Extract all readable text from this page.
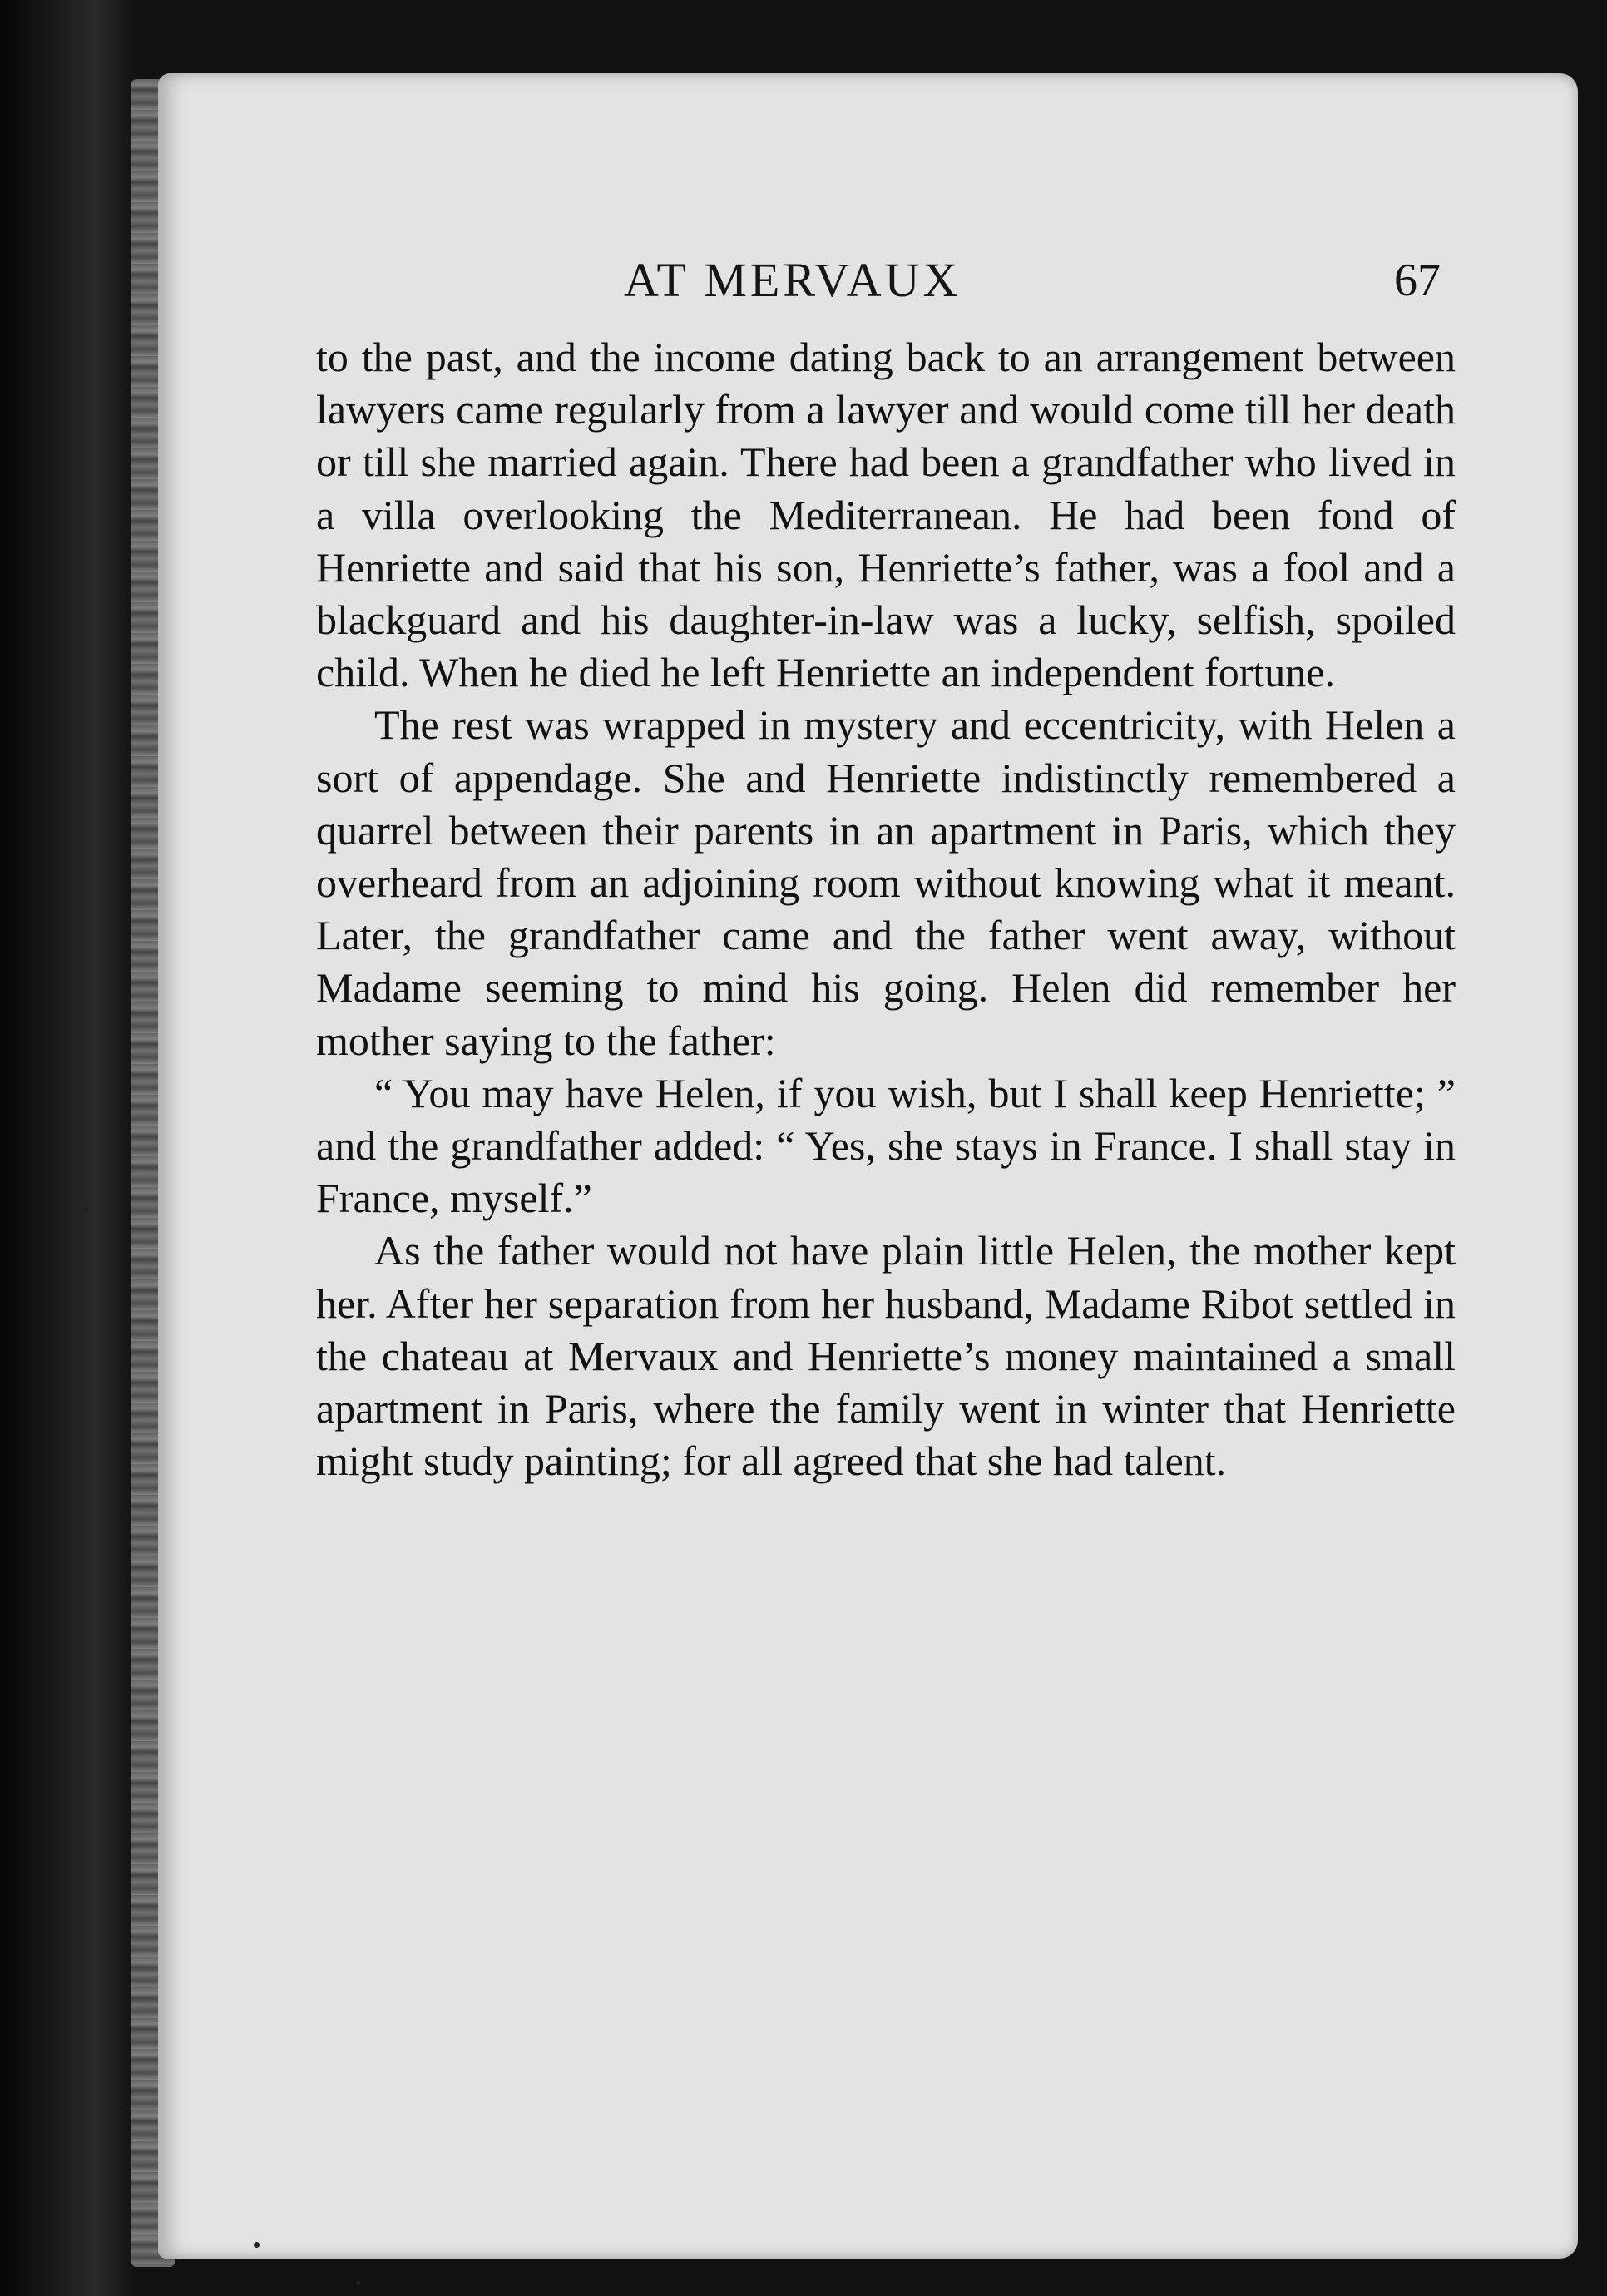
AT MERVAUX	67

to the past, and the income dating back to an arrangement between lawyers came regularly from a lawyer and would come till her death or till she married again. There had been a grandfather who lived in a villa overlooking the Mediterranean. He had been fond of Henriette and said that his son, Henriette’s father, was a fool and a blackguard and his daughter-in-law was a lucky, selfish, spoiled child. When he died he left Henriette an independent fortune.

The rest was wrapped in mystery and eccentricity, with Helen a sort of appendage. She and Henriette indistinctly remembered a quarrel between their parents in an apartment in Paris, which they overheard from an adjoining room without knowing what it meant. Later, the grandfather came and the father went away, without Madame seeming to mind his going. Helen did remember her mother saying to the father:

“ You may have Helen, if you wish, but I shall keep Henriette; ” and the grandfather added: “ Yes, she stays in France. I shall stay in France, myself.”

As the father would not have plain little Helen, the mother kept her. After her separation from her husband, Madame Ribot settled in the chateau at Mervaux and Henriette’s money maintained a small apartment in Paris, where the family went in winter that Henriette might study painting; for all agreed that she had talent.
